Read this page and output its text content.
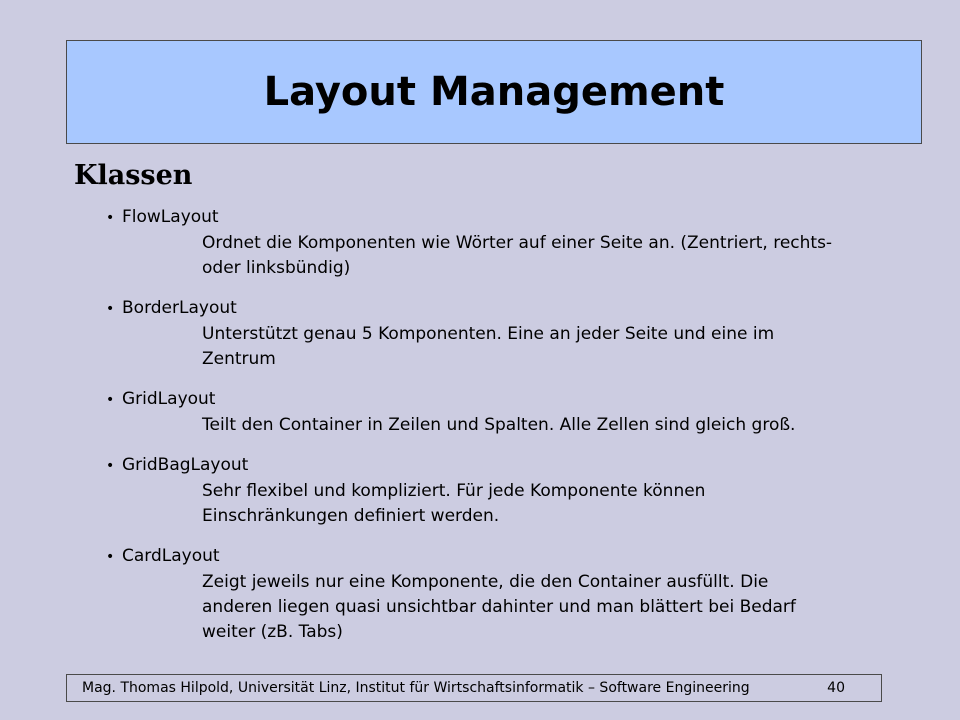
Layout Management
Klassen
• FlowLayout
Ordnet die Komponenten wie Wörter auf einer Seite an. (Zentriert, rechts- oder linksbündig)
• BorderLayout
Unterstützt genau 5 Komponenten. Eine an jeder Seite und eine im Zentrum
• GridLayout
Teilt den Container in Zeilen und Spalten. Alle Zellen sind gleich groß.
• GridBagLayout
Sehr flexibel und kompliziert. Für jede Komponente können Einschränkungen definiert werden.
• CardLayout
Zeigt jeweils nur eine Komponente, die den Container ausfüllt. Die anderen liegen quasi unsichtbar dahinter und man blättert bei Bedarf weiter (zB. Tabs)
Mag. Thomas Hilpold, Universität Linz, Institut für Wirtschaftsinformatik – Software Engineering	40
